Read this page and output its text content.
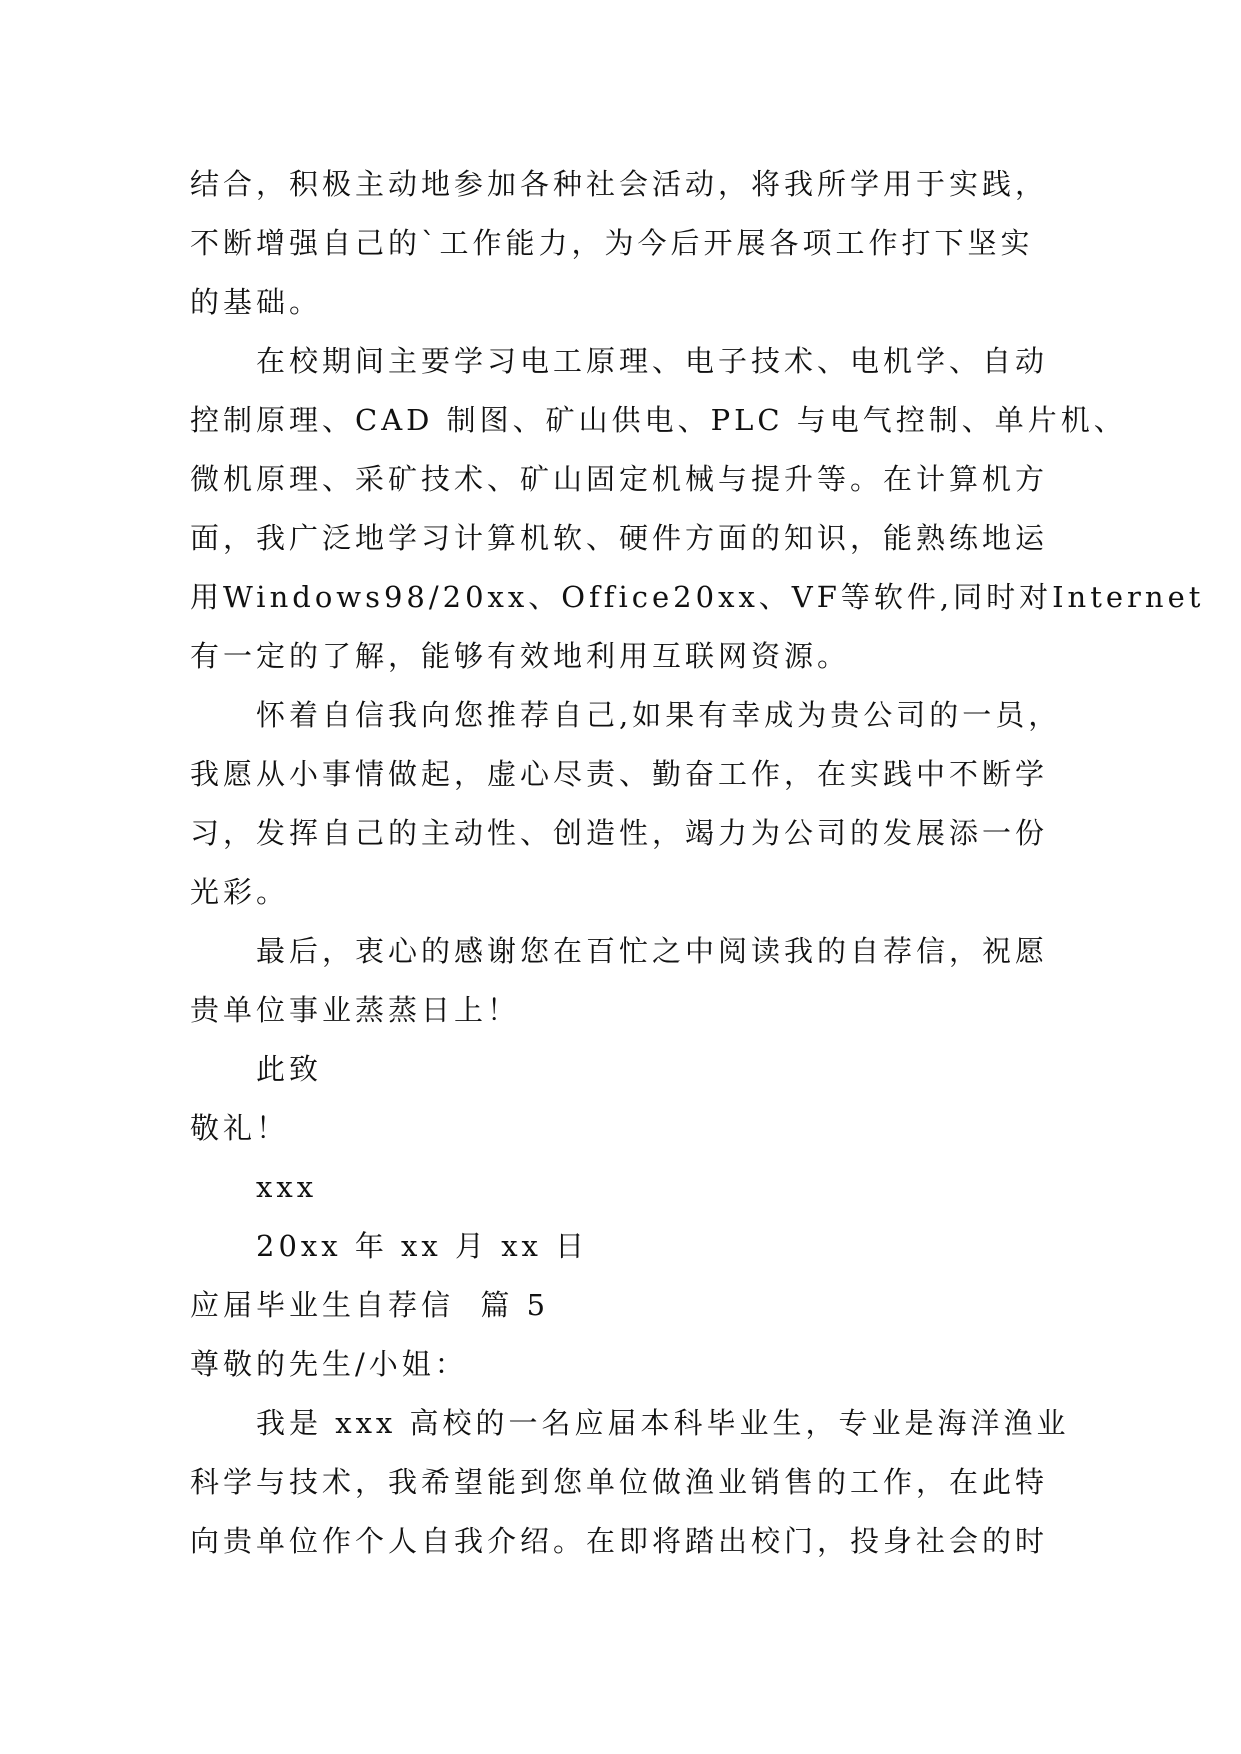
结合，积极主动地参加各种社会活动，将我所学用于实践，
不断增强自己的`工作能力，为今后开展各项工作打下坚实
的基础。
在校期间主要学习电工原理、电子技术、电机学、自动
控制原理、CAD 制图、矿山供电、PLC 与电气控制、单片机、
微机原理、采矿技术、矿山固定机械与提升等。在计算机方
面，我广泛地学习计算机软、硬件方面的知识，能熟练地运
用Windows98/20xx、Office20xx、VF等软件,同时对Internet
有一定的了解，能够有效地利用互联网资源。
怀着自信我向您推荐自己,如果有幸成为贵公司的一员，
我愿从小事情做起，虚心尽责、勤奋工作，在实践中不断学
习，发挥自己的主动性、创造性，竭力为公司的发展添一份
光彩。
最后，衷心的感谢您在百忙之中阅读我的自荐信，祝愿
贵单位事业蒸蒸日上！
此致
敬礼！
xxx
20xx 年 xx 月 xx 日
应届毕业生自荐信  篇 5
尊敬的先生/小姐：
我是 xxx 高校的一名应届本科毕业生，专业是海洋渔业
科学与技术，我希望能到您单位做渔业销售的工作，在此特
向贵单位作个人自我介绍。在即将踏出校门，投身社会的时
